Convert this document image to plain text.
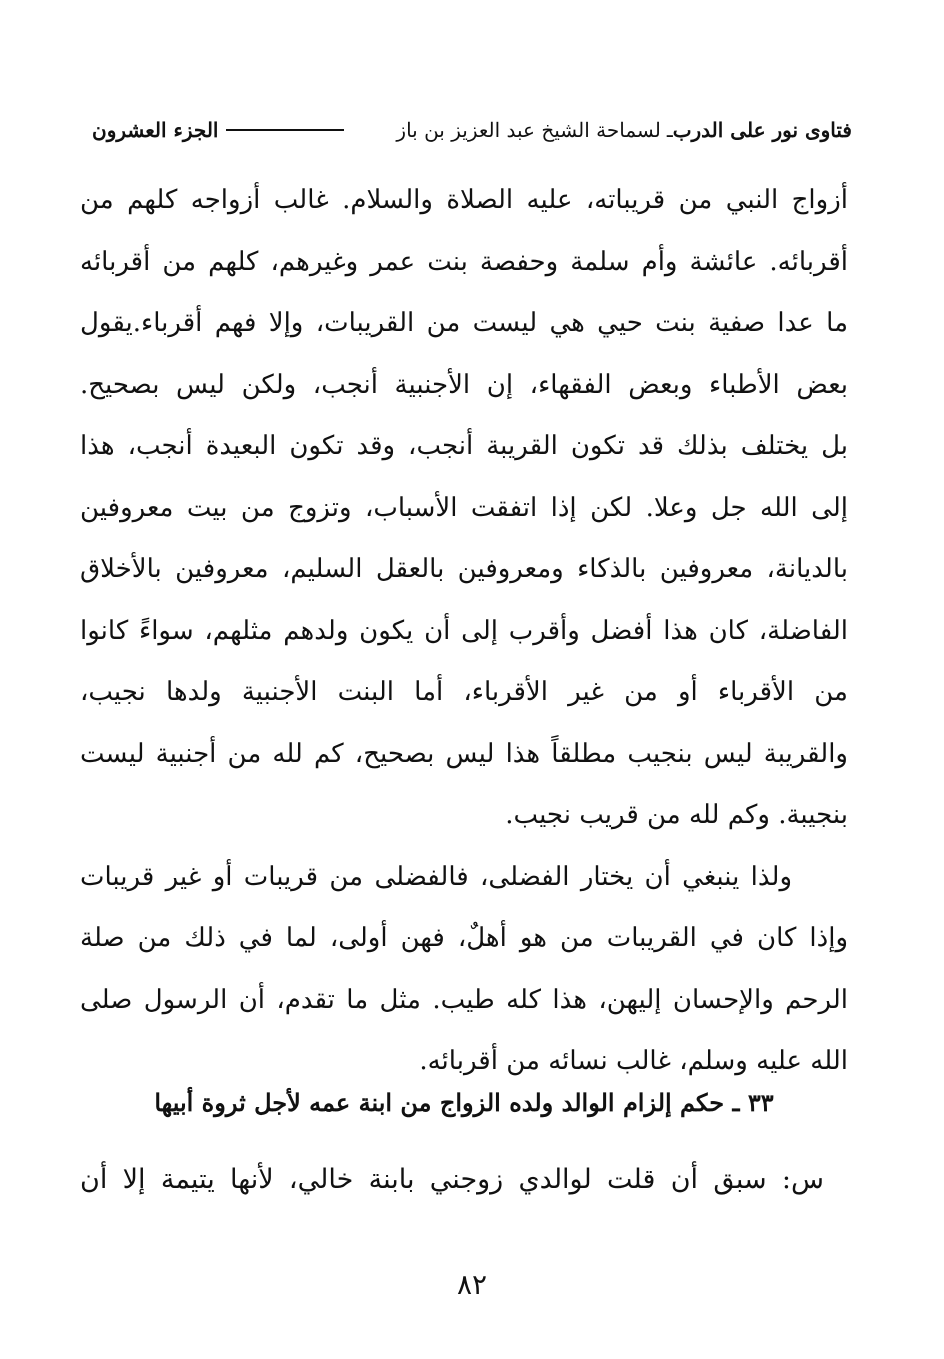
فتاوى نور على الدرب
ـ
لسماحة الشيخ عبد العزيز بن باز
الجزء العشرون
أزواج النبي من قريباته، عليه الصلاة والسلام. غالب أزواجه كلهم من
أقربائه. عائشة وأم سلمة وحفصة بنت عمر وغيرهم، كلهم من أقربائه
ما عدا صفية بنت حيي هي ليست من القريبات، وإلا فهم أقرباء.يقول
بعض الأطباء وبعض الفقهاء، إن الأجنبية أنجب، ولكن ليس بصحيح.
بل يختلف بذلك قد تكون القريبة أنجب، وقد تكون البعيدة أنجب، هذا
إلى الله جل وعلا. لكن إذا اتفقت الأسباب، وتزوج من بيت معروفين
بالديانة، معروفين بالذكاء ومعروفين بالعقل السليم، معروفين بالأخلاق
الفاضلة، كان هذا أفضل وأقرب إلى أن يكون ولدهم مثلهم، سواءً كانوا
من الأقرباء أو من غير الأقرباء، أما البنت الأجنبية ولدها نجيب،
والقريبة ليس بنجيب مطلقاً هذا ليس بصحيح، كم لله من أجنبية ليست
بنجيبة. وكم لله من قريب نجيب.
ولذا ينبغي أن يختار الفضلى، فالفضلى من قريبات أو غير قريبات
وإذا كان في القريبات من هو أهلٌ، فهن أولى، لما في ذلك من صلة
الرحم والإحسان إليهن، هذا كله طيب. مثل ما تقدم، أن الرسول صلى
الله عليه وسلم، غالب نسائه من أقربائه.
٣٣ ـ حكم إلزام الوالد ولده الزواج من ابنة عمه لأجل ثروة أبيها
س: سبق أن قلت لوالدي زوجني بابنة خالي، لأنها يتيمة إلا أن
٨٢
